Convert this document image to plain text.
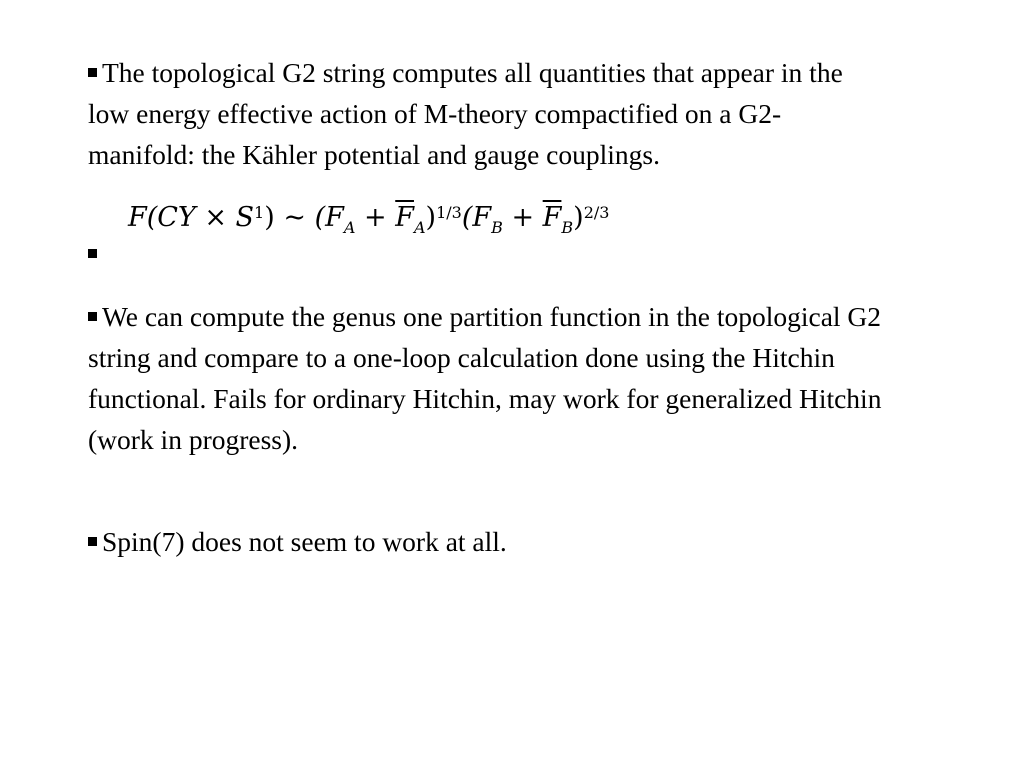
The topological G2 string computes all quantities that appear in the low energy effective action of M-theory compactified on a G2-manifold: the Kähler potential and gauge couplings.

$F(CY \times S^1)$ ~ $(F_A + \overline{F}_A)^{1/3}(F_B + \overline{F}_B)^{2/3}$

We can compute the genus one partition function in the topological G2 string and compare to a one-loop calculation done using the Hitchin functional. Fails for ordinary Hitchin, may work for generalized Hitchin (work in progress).

Spin(7) does not seem to work at all.
